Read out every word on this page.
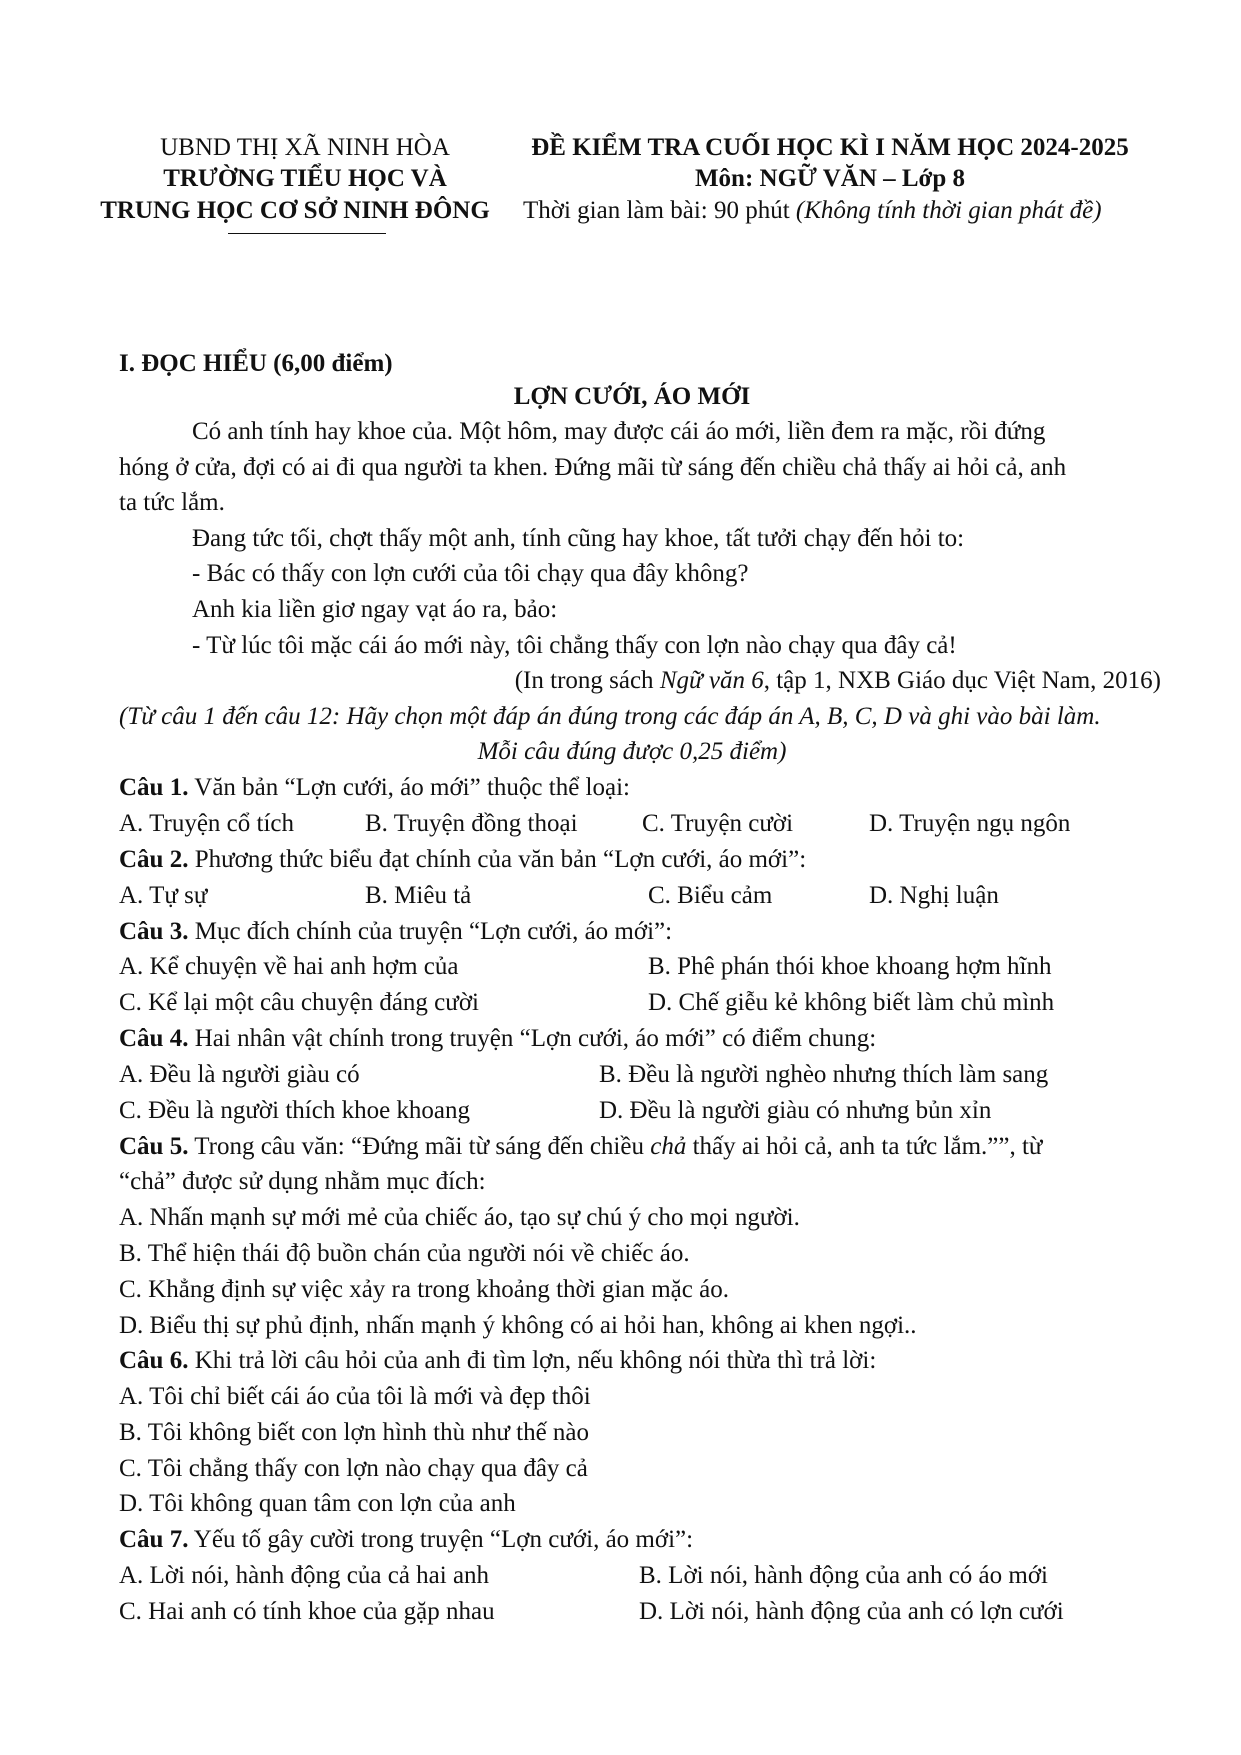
UBND THỊ XÃ NINH HÒA
TRƯỜNG TIỂU HỌC VÀ
TRUNG HỌC CƠ SỞ NINH ĐÔNG
ĐỀ KIỂM TRA CUỐI HỌC KÌ I NĂM HỌC 2024-2025
Môn: NGỮ VĂN – Lớp 8
Thời gian làm bài: 90 phút (Không tính thời gian phát đề)
I. ĐỌC HIỂU (6,00 điểm)
LỢN CƯỚI, ÁO MỚI
Có anh tính hay khoe của. Một hôm, may được cái áo mới, liền đem ra mặc, rồi đứng
hóng ở cửa, đợi có ai đi qua người ta khen. Đứng mãi từ sáng đến chiều chả thấy ai hỏi cả, anh
ta tức lắm.
Đang tức tối, chợt thấy một anh, tính cũng hay khoe, tất tưởi chạy đến hỏi to:
- Bác có thấy con lợn cưới của tôi chạy qua đây không?
Anh kia liền giơ ngay vạt áo ra, bảo:
- Từ lúc tôi mặc cái áo mới này, tôi chẳng thấy con lợn nào chạy qua đây cả!
(In trong sách Ngữ văn 6, tập 1, NXB Giáo dục Việt Nam, 2016)
(Từ câu 1 đến câu 12: Hãy chọn một đáp án đúng trong các đáp án A, B, C, D và ghi vào bài làm.
Mỗi câu đúng được 0,25 điểm)
Câu 1. Văn bản “Lợn cưới, áo mới” thuộc thể loại:
A. Truyện cổ tích	B. Truyện đồng thoại	C. Truyện cười	D. Truyện ngụ ngôn
Câu 2. Phương thức biểu đạt chính của văn bản “Lợn cưới, áo mới”:
A. Tự sự	B. Miêu tả	C. Biểu cảm	D. Nghị luận
Câu 3. Mục đích chính của truyện “Lợn cưới, áo mới”:
A. Kể chuyện về hai anh hợm của	B. Phê phán thói khoe khoang hợm hĩnh
C. Kể lại một câu chuyện đáng cười	D. Chế giễu kẻ không biết làm chủ mình
Câu 4. Hai nhân vật chính trong truyện “Lợn cưới, áo mới” có điểm chung:
A. Đều là người giàu có	B. Đều là người nghèo nhưng thích làm sang
C. Đều là người thích khoe khoang	D. Đều là người giàu có nhưng bủn xỉn
Câu 5. Trong câu văn: “Đứng mãi từ sáng đến chiều chả thấy ai hỏi cả, anh ta tức lắm.””, từ
“chả” được sử dụng nhằm mục đích:
A. Nhấn mạnh sự mới mẻ của chiếc áo, tạo sự chú ý cho mọi người.
B. Thể hiện thái độ buồn chán của người nói về chiếc áo.
C. Khẳng định sự việc xảy ra trong khoảng thời gian mặc áo.
D. Biểu thị sự phủ định, nhấn mạnh ý không có ai hỏi han, không ai khen ngợi..
Câu 6. Khi trả lời câu hỏi của anh đi tìm lợn, nếu không nói thừa thì trả lời:
A. Tôi chỉ biết cái áo của tôi là mới và đẹp thôi
B. Tôi không biết con lợn hình thù như thế nào
C. Tôi chẳng thấy con lợn nào chạy qua đây cả
D. Tôi không quan tâm con lợn của anh
Câu 7. Yếu tố gây cười trong truyện “Lợn cưới, áo mới”:
A. Lời nói, hành động của cả hai anh	B. Lời nói, hành động của anh có áo mới
C. Hai anh có tính khoe của gặp nhau	D. Lời nói, hành động của anh có lợn cưới
